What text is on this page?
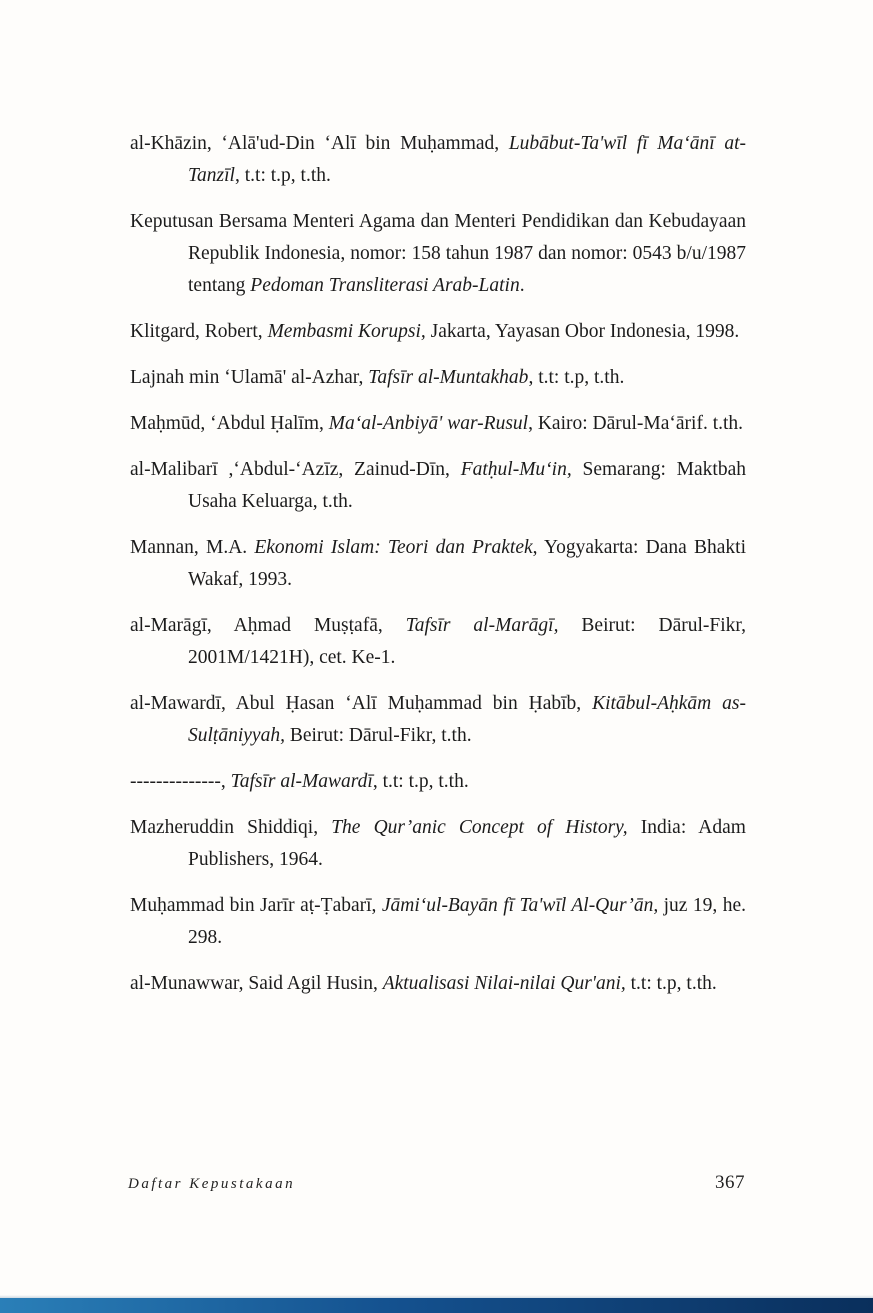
al-Khāzin, ‘Alā'ud-Din ‘Alī bin Muḥammad, Lubābut-Ta'wīl fī Ma‘ānī at-Tanzīl, t.t: t.p, t.th.

Keputusan Bersama Menteri Agama dan Menteri Pendidikan dan Kebudayaan Republik Indonesia, nomor: 158 tahun 1987 dan nomor: 0543 b/u/1987 tentang Pedoman Transliterasi Arab-Latin.

Klitgard, Robert, Membasmi Korupsi, Jakarta, Yayasan Obor Indonesia, 1998.

Lajnah min ‘Ulamā' al-Azhar, Tafsīr al-Muntakhab, t.t: t.p, t.th.

Maḥmūd, ‘Abdul Ḥalīm, Ma‘al-Anbiyā' war-Rusul, Kairo: Dārul-Ma‘ārif. t.th.

al-Malibarī ,‘Abdul-‘Azīz, Zainud-Dīn, Fatḥul-Mu‘in, Semarang: Maktbah Usaha Keluarga, t.th.

Mannan, M.A. Ekonomi Islam: Teori dan Praktek, Yogyakarta: Dana Bhakti Wakaf, 1993.

al-Marāgī, Aḥmad Muṣṭafā, Tafsīr al-Marāgī, Beirut: Dārul-Fikr, 2001M/1421H), cet. Ke-1.

al-Mawardī, Abul Ḥasan ‘Alī Muḥammad bin Ḥabīb, Kitābul-Aḥkām as-Sulṭāniyyah, Beirut: Dārul-Fikr, t.th.

--------------, Tafsīr al-Mawardī, t.t: t.p, t.th.

Mazheruddin Shiddiqi, The Qur’anic Concept of History, India: Adam Publishers, 1964.

Muḥammad bin Jarīr aṭ-Ṭabarī, Jāmi‘ul-Bayān fī Ta'wīl Al-Qur’ān, juz 19, he. 298.

al-Munawwar, Said Agil Husin, Aktualisasi Nilai-nilai Qur'ani, t.t: t.p, t.th.

Daftar Kepustakaan	367
